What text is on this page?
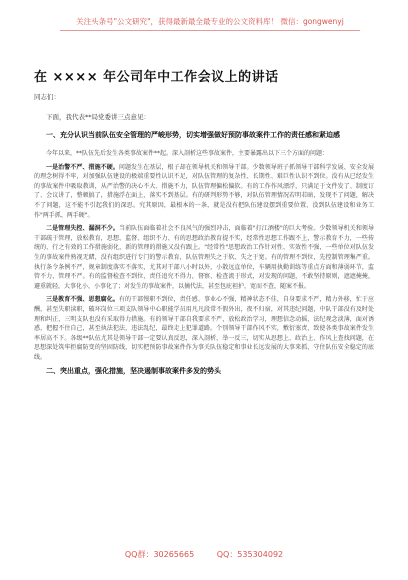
关注头条号"公文研究"，获得最新最全最专业的公文资料库！ 微信：gongwenyj
在 ×××× 年公司年中工作会议上的讲话

同志们：

下面，我代表**局党委讲三点意见：

一、充分认识当前队伍安全管理的严峻形势，切实增强做好预防事故案件工作的责任感和紧迫感

今年以来，**队伍先后发生各类事故案件**起。深入剖析这些事故案件，主要暴露出以下三个方面的问题：

一是治警不严、措施不硬。问题发生在基层，根子却在领导机关和领导干部。少数领导班子抓领导干部科学发展、安全发展的理念树得不牢，对加强队伍建设的极端重要性认识不足，对队伍管理的复杂性、长期性、艰巨性认识不到位。没有从已经发生的事故案件中吸取教训，从严治警的决心不大、措施不力，队伍管理偏松偏软。有的工作作风漂浮，只满足于文件发了、制度订了、会议讲了，整顿搞了，措施浮在面上，落实不到基层。有的研判形势不够，对队伍管理情况若明若暗，发现不了问题，解决不了问题，这不能不引起我们的深思。究其原因，最根本的一条，就是没有把队伍建设摆到重要位置，没到队伍建设和业务工作"两手抓、两手硬"。

二是管理失控、漏洞不少。当前队伍面临着社会不良风气的强烈冲击，面临着"打江酒楼"的巨大考验。少数领导机关和领导干部疏于管理，放松教育，思想、监督、组织不力、有的思想政治教育提不实，经常性思想工作跟不上，警示教育不力，一些传统的、行之有效的工作措施弱化，新的管理的措施又没有跟上。"经常性"思想政治工作针对性、实效性不强，一些单位对队伍发生的事故案件熟视无睹，没有组织进行专门的警示教育，队伍管理失之于软、失之于宽。有的管理不到位，先控制管理集严重。执行条令条例不严，规章制度落实不落实，尤其对干部八小时以外，小散远直单位，车辆用执勤训练等重点方面和薄弱环节，监管不力，管理不严。有的监督检查不到位，责任追究不得力，督察、检查流于形式，对发现的问题，不敢坚持原则，遮遮掩掩，避重就轻，大事化小，小事化了；对发生的事故案件，以摘代法，甚至包庇袒护，宽而不查，随案不报。

三是教育不强、思想腐化。有的干部慢职不到位，责任感、事业心不强，精神状态不佳，自身要求不严，精力外移，忙于应酬，甚至失职渎职，破坏岗位三项支队领导中心职能学员用凡凡段常不假外出，夜不归宿，对其违纪问题，中队干部没有及时处理和纠正，三明支队也没有采取得力措施。有的领导干部自我要求不严，放松政治学习，理想信念动摇，法纪观念淡薄，面对诱惑，把握不住自己，甚至执法犯法，违法乱纪，最终走上犯罪道路。个别领导干部作风不实，敷衍塞责，致使各类事故案件发生率居高不下。各级**队伍尤其是领导干部一定要认真反思，深入剖析，举一反三，切实从思想上、政治上、作风上查找问题，在思想深处筑牢拒腐防变的坚固防线，切实把预防事故案件作为事关队伍稳定和事业长远发展的大事来抓，守住队伍安全稳定的底线。

二、突出重点，强化措施，坚决遏制事故案件多发的势头

QQ群：30265665	QQ：535304092
